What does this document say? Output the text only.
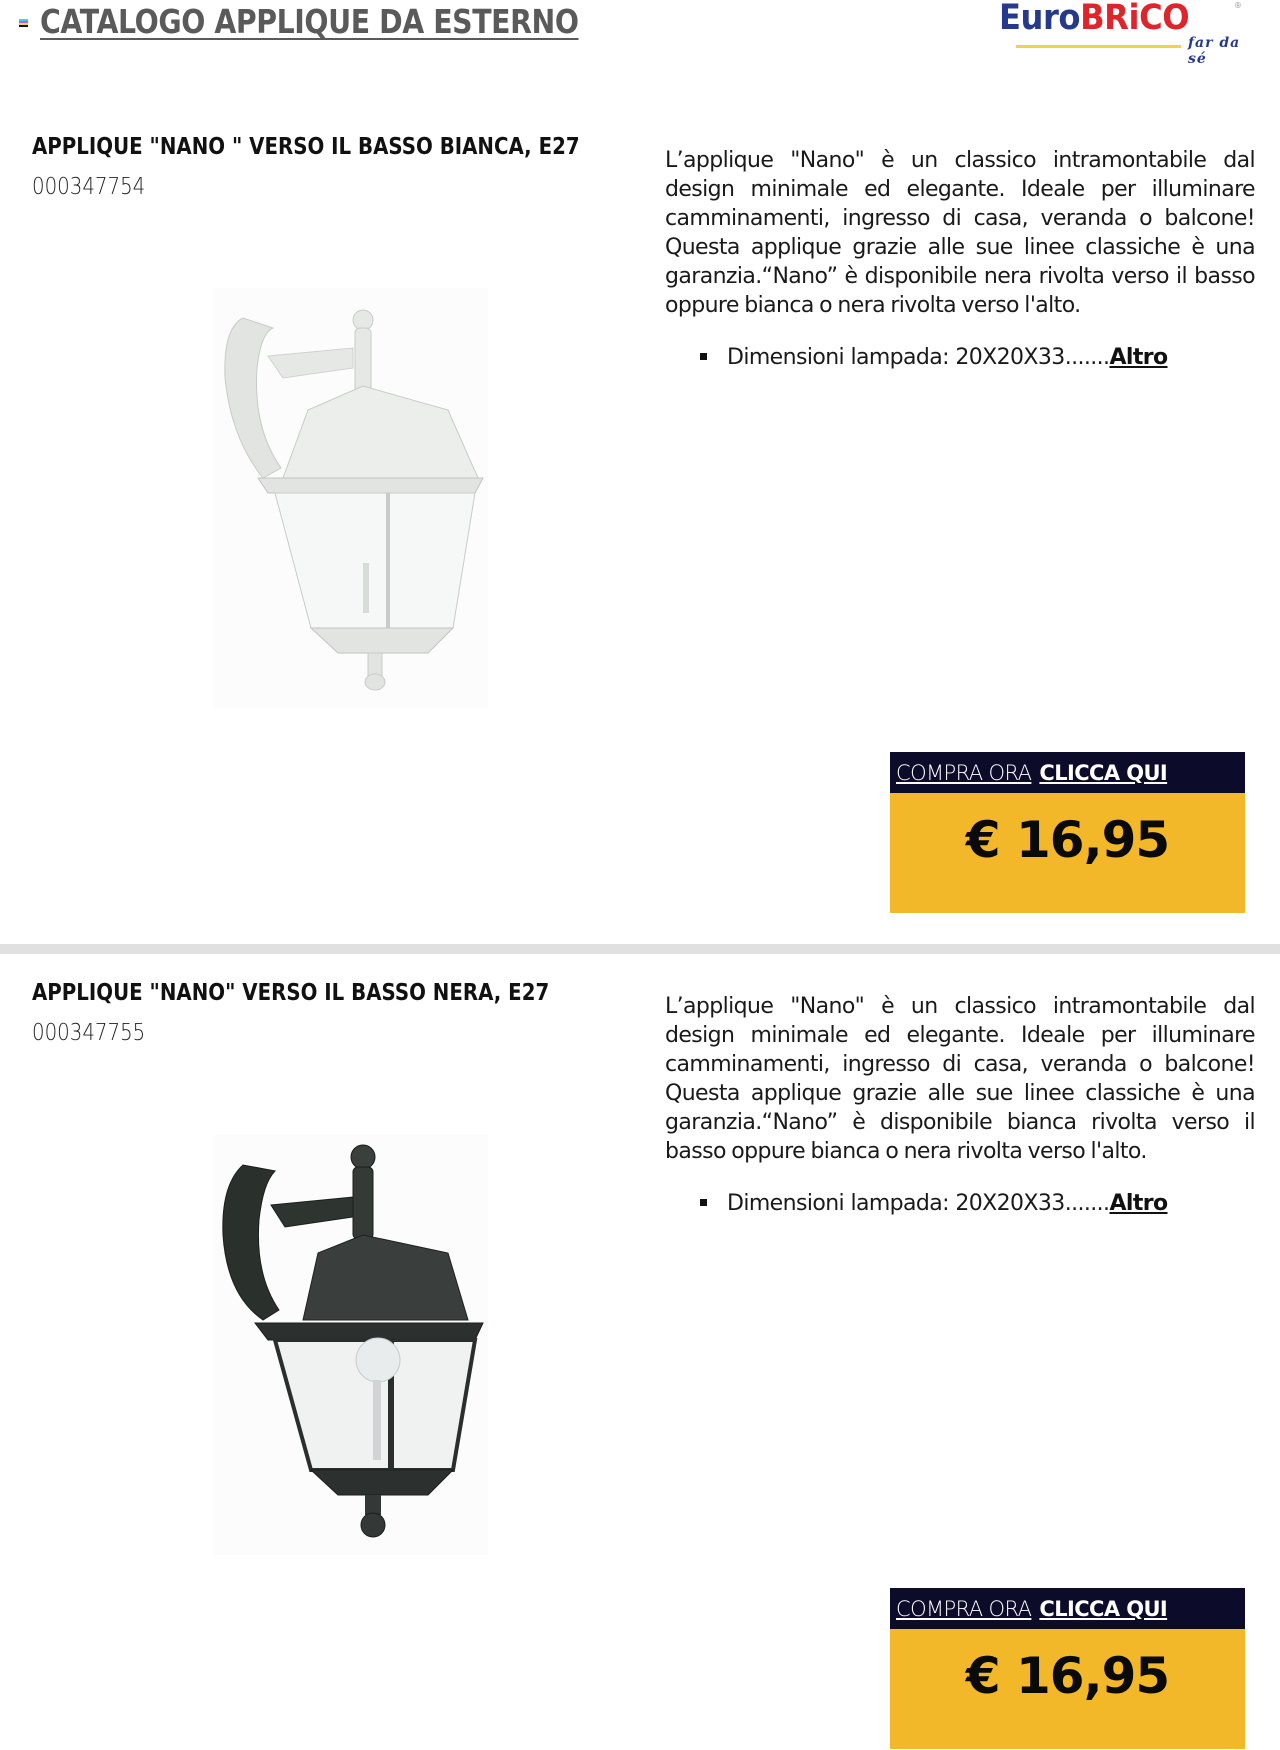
CATALOGO APPLIQUE DA ESTERNO	EuroBRiCO	®
far da sé
APPLIQUE "NANO " VERSO IL BASSO BIANCA, E27
000347754
L’applique "Nano" è un classico intramontabile dal design minimale ed elegante. Ideale per illuminare camminamenti, ingresso di casa, veranda o balcone! Questa applique grazie alle sue linee classiche è una garanzia.“Nano” è disponibile nera rivolta verso il basso oppure bianca o nera rivolta verso l'alto.
Dimensioni lampada: 20X20X33.......Altro
COMPRA ORA CLICCA QUI
€ 16,95
APPLIQUE "NANO" VERSO IL BASSO NERA, E27
000347755
L’applique "Nano" è un classico intramontabile dal design minimale ed elegante. Ideale per illuminare camminamenti, ingresso di casa, veranda o balcone! Questa applique grazie alle sue linee classiche è una garanzia.“Nano” è disponibile bianca rivolta verso il basso oppure bianca o nera rivolta verso l'alto.
Dimensioni lampada: 20X20X33.......Altro
COMPRA ORA CLICCA QUI
€ 16,95
